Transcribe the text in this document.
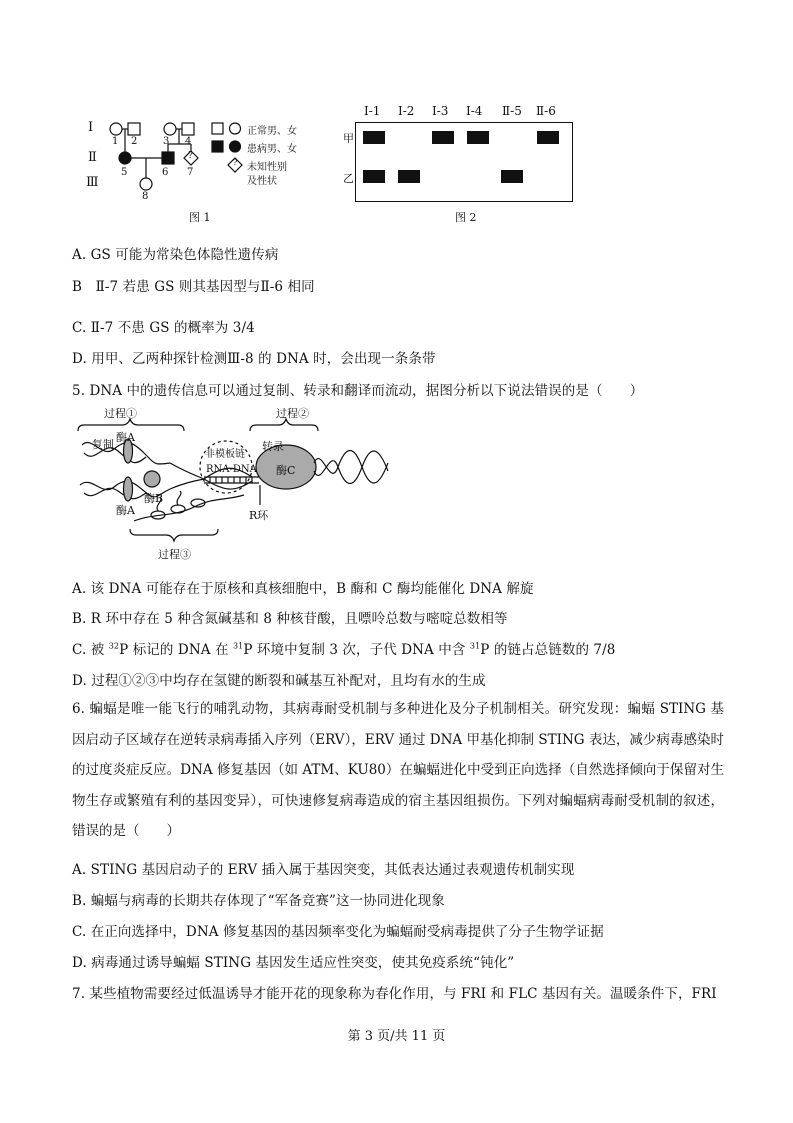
Ⅰ
Ⅱ
Ⅲ
1 2	3 4
5	6 7
8
?
?
正常男、女
患病男、女
未知性别
及性状
图 1
Ⅰ-1 Ⅰ-2 Ⅰ-3 Ⅰ-4 Ⅱ-5 Ⅱ-6
甲
乙
图 2
A. GS 可能为常染色体隐性遗传病
B　Ⅱ-7 若患 GS 则其基因型与Ⅱ-6 相同
C. Ⅱ-7 不患 GS 的概率为 3/4
D. 用甲、乙两种探针检测Ⅲ-8 的 DNA 时，会出现一条条带
5. DNA 中的遗传信息可以通过复制、转录和翻译而流动，据图分析以下说法错误的是（　　）
过程①	过程②
过程③
复制	转录
酶A
酶A
酶B
酶C
非模板链
RNA-DNA
R环
A. 该 DNA 可能存在于原核和真核细胞中，B 酶和 C 酶均能催化 DNA 解旋
B. R 环中存在 5 种含氮碱基和 8 种核苷酸，且嘌呤总数与嘧啶总数相等
C. 被 $^{32}$P 标记的 DNA 在 $^{31}$P 环境中复制 3 次，子代 DNA 中含 $^{31}$P 的链占总链数的 7/8
D. 过程①②③中均存在氢键的断裂和碱基互补配对，且均有水的生成
6. 蝙蝠是唯一能飞行的哺乳动物，其病毒耐受机制与多种进化及分子机制相关。研究发现：蝙蝠 STING 基因启动子区域存在逆转录病毒插入序列（ERV），ERV 通过 DNA 甲基化抑制 STING 表达，减少病毒感染时的过度炎症反应。DNA 修复基因（如 ATM、KU80）在蝙蝠进化中受到正向选择（自然选择倾向于保留对生物生存或繁殖有利的基因变异），可快速修复病毒造成的宿主基因组损伤。下列对蝙蝠病毒耐受机制的叙述，错误的是（　　）
A. STING 基因启动子的 ERV 插入属于基因突变，其低表达通过表观遗传机制实现
B. 蝙蝠与病毒的长期共存体现了“军备竞赛”这一协同进化现象
C. 在正向选择中，DNA 修复基因的基因频率变化为蝙蝠耐受病毒提供了分子生物学证据
D. 病毒通过诱导蝙蝠 STING 基因发生适应性突变，使其免疫系统“钝化”
7. 某些植物需要经过低温诱导才能开花的现象称为春化作用，与 FRI 和 FLC 基因有关。温暖条件下，FRI
第 3 页/共 11 页
